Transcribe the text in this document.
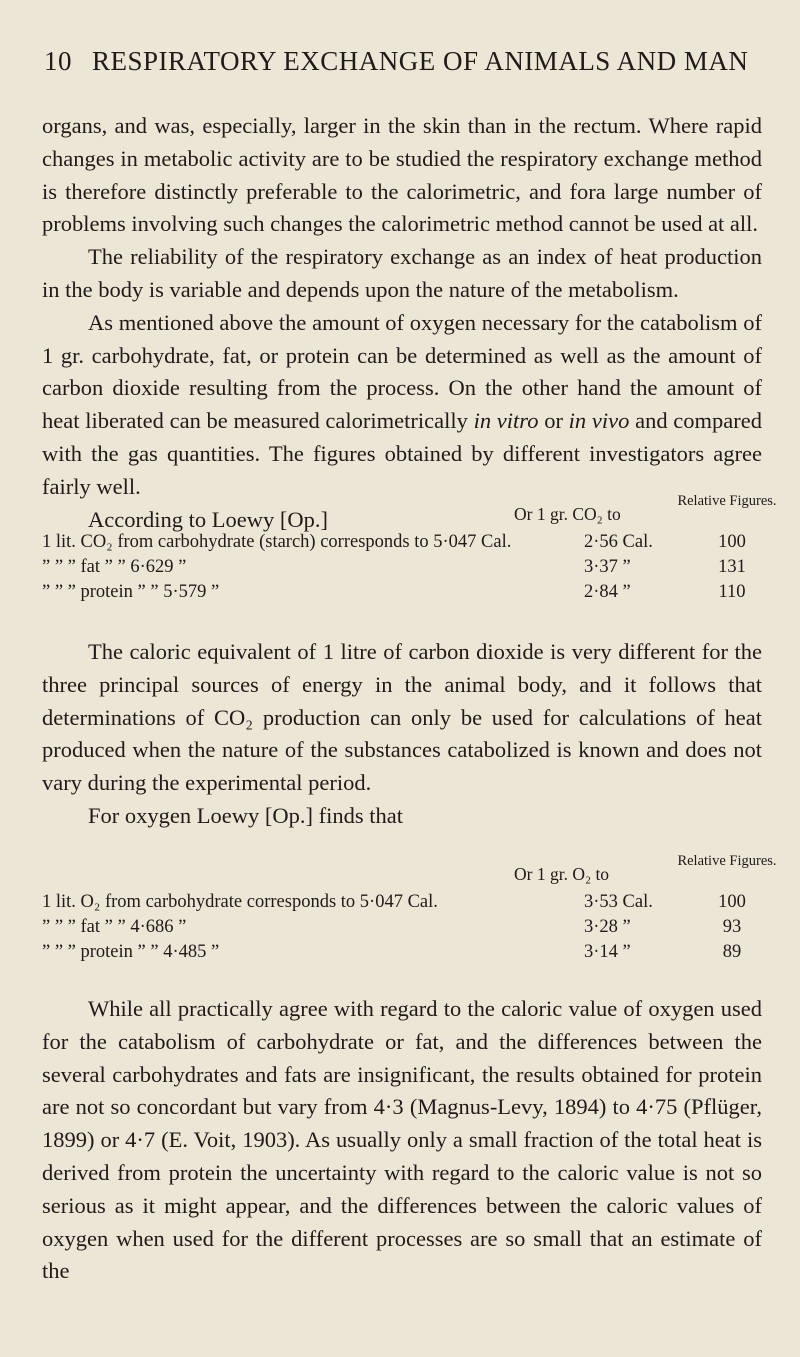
10 RESPIRATORY EXCHANGE OF ANIMALS AND MAN

organs, and was, especially, larger in the skin than in the rectum. Where rapid changes in metabolic activity are to be studied the respiratory exchange method is therefore distinctly preferable to the calorimetric, and fora large number of problems involving such changes the calorimetric method cannot be used at all.

The reliability of the respiratory exchange as an index of heat production in the body is variable and depends upon the nature of the metabolism.

As mentioned above the amount of oxygen necessary for the catabolism of 1 gr. carbohydrate, fat, or protein can be determined as well as the amount of carbon dioxide resulting from the process. On the other hand the amount of heat liberated can be measured calorimetrically in vitro or in vivo and compared with the gas quantities. The figures obtained by different investigators agree fairly well.

According to Loewy [Op.]	Or 1 gr. CO₂ to
Relative Figures.
1 lit. CO₂ from carbohydrate (starch) corresponds to 5·047 Cal.	2·56 Cal.	100
” ” ” fat ” ” 6·629 ”	3·37 ”	131
” ” ” protein ” ” 5·579 ”	2·84 ”	110

The caloric equivalent of 1 litre of carbon dioxide is very different for the three principal sources of energy in the animal body, and it follows that determinations of CO₂ production can only be used for calculations of heat produced when the nature of the substances catabolized is known and does not vary during the experimental period.

For oxygen Loewy [Op.] finds that

Or 1 gr. O₂ to
Relative Figures.
1 lit. O₂ from carbohydrate corresponds to 5·047 Cal.	3·53 Cal.	100
” ” ” fat ” ” 4·686 ”	3·28 ”	93
” ” ” protein ” ” 4·485 ”	3·14 ”	89

While all practically agree with regard to the caloric value of oxygen used for the catabolism of carbohydrate or fat, and the differences between the several carbohydrates and fats are insignificant, the results obtained for protein are not so concordant but vary from 4·3 (Magnus-Levy, 1894) to 4·75 (Pflüger, 1899) or 4·7 (E. Voit, 1903). As usually only a small fraction of the total heat is derived from protein the uncertainty with regard to the caloric value is not so serious as it might appear, and the differences between the caloric values of oxygen when used for the different processes are so small that an estimate of the
